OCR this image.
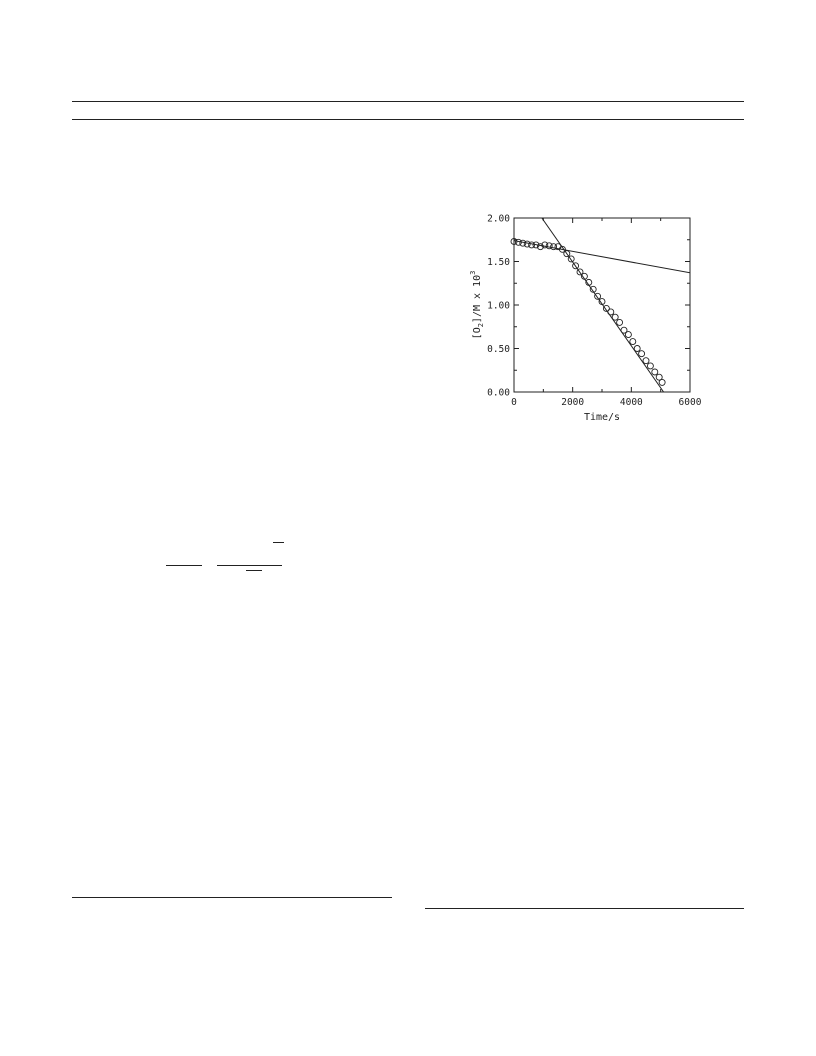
0	2000	4000	6000
0.00
0.50
1.00
1.50
2.00
Time/s
$[O_2]/M$ x $10^3$
